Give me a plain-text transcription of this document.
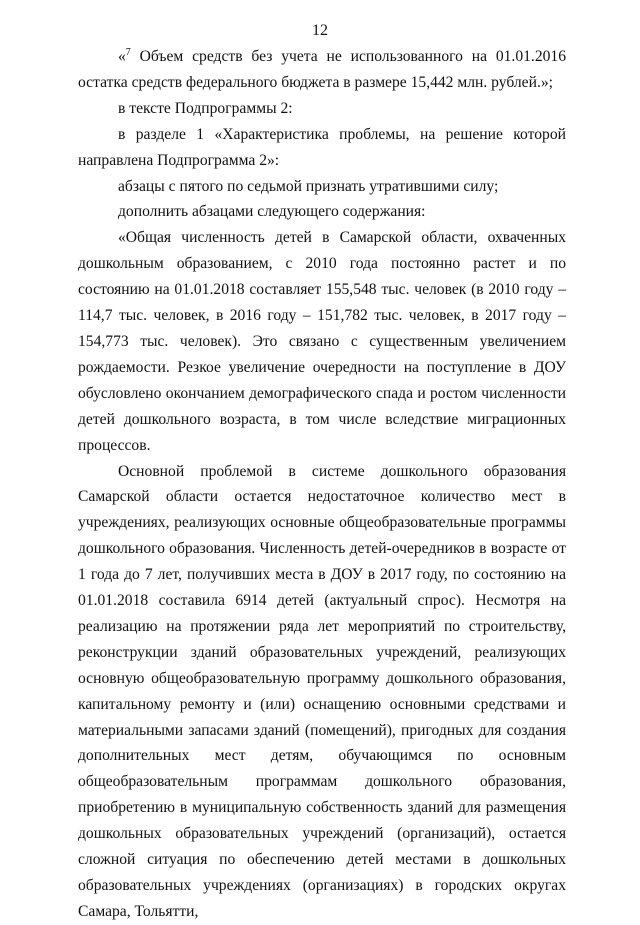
12

«$^7$ Объем средств без учета не использованного на 01.01.2016 остатка средств федерального бюджета в размере 15,442 млн. рублей.»;

в тексте Подпрограммы 2:

в разделе 1 «Характеристика проблемы, на решение которой направлена Подпрограмма 2»:

абзацы с пятого по седьмой признать утратившими силу;

дополнить абзацами следующего содержания:

«Общая численность детей в Самарской области, охваченных дошкольным образованием, с 2010 года постоянно растет и по состоянию на 01.01.2018 составляет 155,548 тыс. человек (в 2010 году – 114,7 тыс. человек, в 2016 году – 151,782 тыс. человек, в 2017 году – 154,773 тыс. человек). Это связано с существенным увеличением рождаемости. Резкое увеличение очередности на поступление в ДОУ обусловлено окончанием демографического спада и ростом численности детей дошкольного возраста, в том числе вследствие миграционных процессов.

Основной проблемой в системе дошкольного образования Самарской области остается недостаточное количество мест в учреждениях, реализующих основные общеобразовательные программы дошкольного образования. Численность детей-очередников в возрасте от 1 года до 7 лет, получивших места в ДОУ в 2017 году, по состоянию на 01.01.2018 составила 6914 детей (актуальный спрос). Несмотря на реализацию на протяжении ряда лет мероприятий по строительству, реконструкции зданий образовательных учреждений, реализующих основную общеобразовательную программу дошкольного образования, капитальному ремонту и (или) оснащению основными средствами и материальными запасами зданий (помещений), пригодных для создания дополнительных мест детям, обучающимся по основным общеобразовательным программам дошкольного образования, приобретению в муниципальную собственность зданий для размещения дошкольных образовательных учреждений (организаций), остается сложной ситуация по обеспечению детей местами в дошкольных образовательных учреждениях (организациях) в городских округах Самара, Тольятти,
